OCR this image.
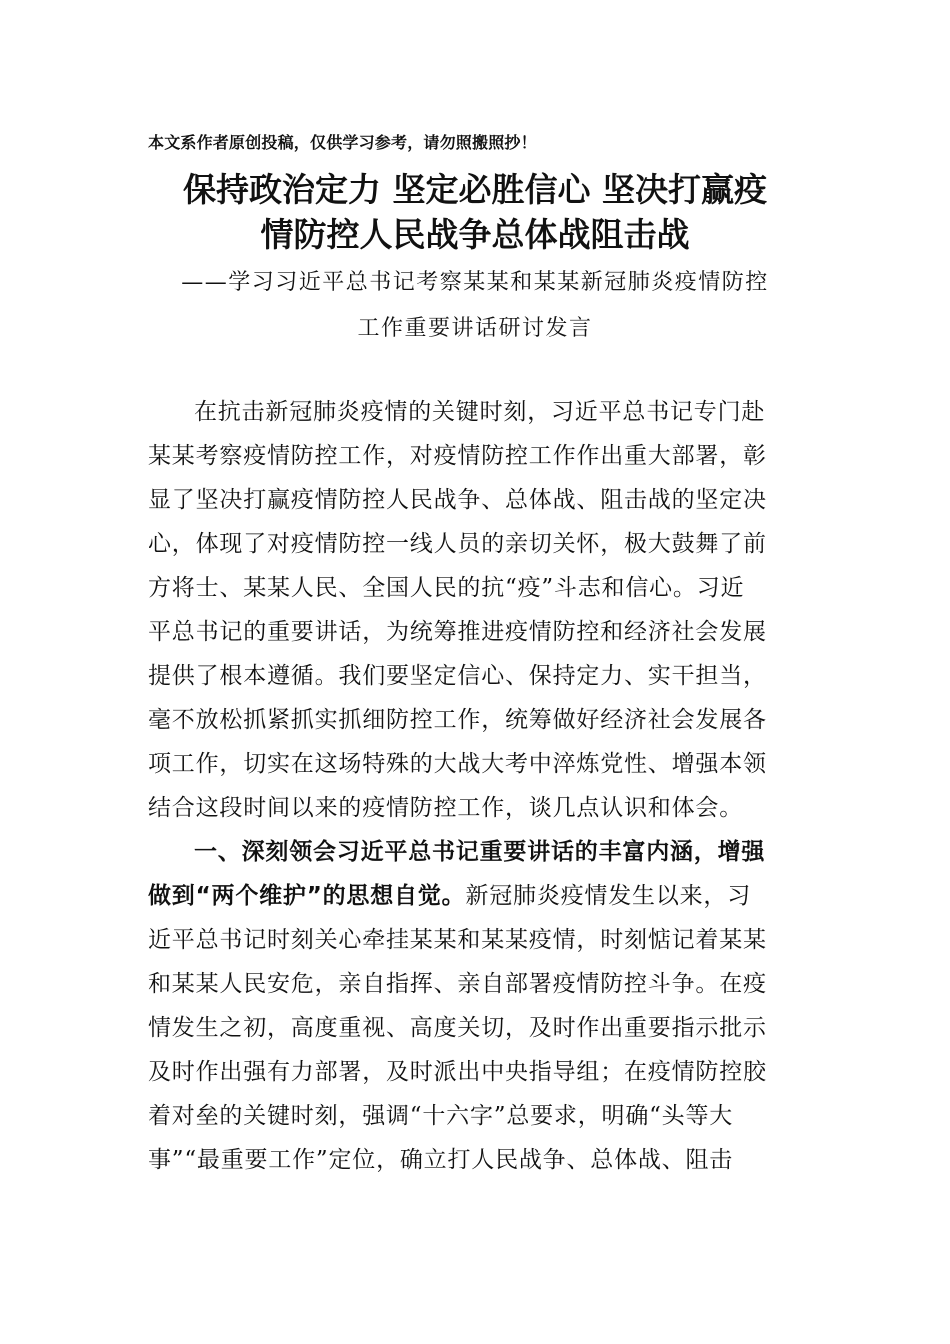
本文系作者原创投稿，仅供学习参考，请勿照搬照抄！
保持政治定力 坚定必胜信心 坚决打赢疫
情防控人民战争总体战阻击战
——学习习近平总书记考察某某和某某新冠肺炎疫情防控
工作重要讲话研讨发言
在抗击新冠肺炎疫情的关键时刻，习近平总书记专门赴
某某考察疫情防控工作，对疫情防控工作作出重大部署，彰
显了坚决打赢疫情防控人民战争、总体战、阻击战的坚定决
心，体现了对疫情防控一线人员的亲切关怀，极大鼓舞了前
方将士、某某人民、全国人民的抗“疫”斗志和信心。习近
平总书记的重要讲话，为统筹推进疫情防控和经济社会发展
提供了根本遵循。我们要坚定信心、保持定力、实干担当，
毫不放松抓紧抓实抓细防控工作，统筹做好经济社会发展各
项工作，切实在这场特殊的大战大考中淬炼党性、增强本领
结合这段时间以来的疫情防控工作，谈几点认识和体会。
一、深刻领会习近平总书记重要讲话的丰富内涵，增强
做到“两个维护”的思想自觉。新冠肺炎疫情发生以来，习
近平总书记时刻关心牵挂某某和某某疫情，时刻惦记着某某
和某某人民安危，亲自指挥、亲自部署疫情防控斗争。在疫
情发生之初，高度重视、高度关切，及时作出重要指示批示
及时作出强有力部署，及时派出中央指导组；在疫情防控胶
着对垒的关键时刻，强调“十六字”总要求，明确“头等大
事”“最重要工作”定位，确立打人民战争、总体战、阻击
